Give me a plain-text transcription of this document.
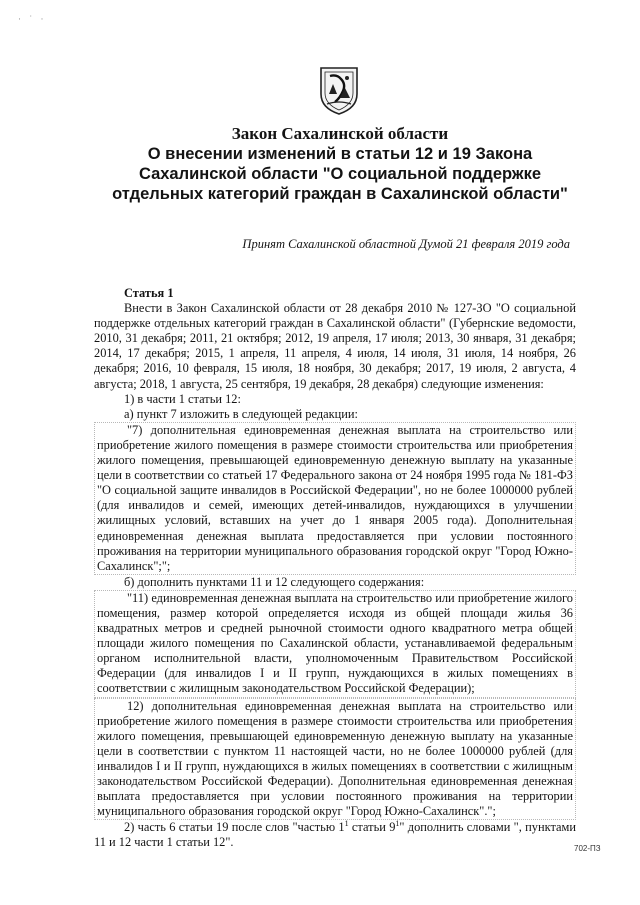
· ˙ ·

Закон Сахалинской области

О внесении изменений в статьи 12 и 19 Закона Сахалинской области "О социальной поддержке отдельных категорий граждан в Сахалинской области"

Принят Сахалинской областной Думой 21 февраля 2019 года

Статья 1

Внести в Закон Сахалинской области от 28 декабря 2010 № 127-ЗО "О социальной поддержке отдельных категорий граждан в Сахалинской области" (Губернские ведомости, 2010, 31 декабря; 2011, 21 октября; 2012, 19 апреля, 17 июля; 2013, 30 января, 31 декабря; 2014, 17 декабря; 2015, 1 апреля, 11 апреля, 4 июля, 14 июля, 31 июля, 14 ноября, 26 декабря; 2016, 10 февраля, 15 июля, 18 ноября, 30 декабря; 2017, 19 июля, 2 августа, 4 августа; 2018, 1 августа, 25 сентября, 19 декабря, 28 декабря) следующие изменения:

1) в части 1 статьи 12:

а) пункт 7 изложить в следующей редакции:

"7) дополнительная единовременная денежная выплата на строительство или приобретение жилого помещения в размере стоимости строительства или приобретения жилого помещения, превышающей единовременную денежную выплату на указанные цели в соответствии со статьей 17 Федерального закона от 24 ноября 1995 года № 181-ФЗ "О социальной защите инвалидов в Российской Федерации", но не более 1000000 рублей (для инвалидов и семей, имеющих детей-инвалидов, нуждающихся в улучшении жилищных условий, вставших на учет до 1 января 2005 года). Дополнительная единовременная денежная выплата предоставляется при условии постоянного проживания на территории муниципального образования городской округ "Город Южно-Сахалинск";";

б) дополнить пунктами 11 и 12 следующего содержания:

"11) единовременная денежная выплата на строительство или приобретение жилого помещения, размер которой определяется исходя из общей площади жилья 36 квадратных метров и средней рыночной стоимости одного квадратного метра общей площади жилого помещения по Сахалинской области, устанавливаемой федеральным органом исполнительной власти, уполномоченным Правительством Российской Федерации (для инвалидов I и II групп, нуждающихся в жилых помещениях в соответствии с жилищным законодательством Российской Федерации);

12) дополнительная единовременная денежная выплата на строительство или приобретение жилого помещения в размере стоимости строительства или приобретения жилого помещения, превышающей единовременную денежную выплату на указанные цели в соответствии с пунктом 11 настоящей части, но не более 1000000 рублей (для инвалидов I и II групп, нуждающихся в жилых помещениях в соответствии с жилищным законодательством Российской Федерации). Дополнительная единовременная денежная выплата предоставляется при условии постоянного проживания на территории муниципального образования городской округ "Город Южно-Сахалинск".";

2) часть 6 статьи 19 после слов "частью $1^1$ статьи $9^1$" дополнить словами ", пунктами 11 и 12 части 1 статьи 12".	702-ПЗ
